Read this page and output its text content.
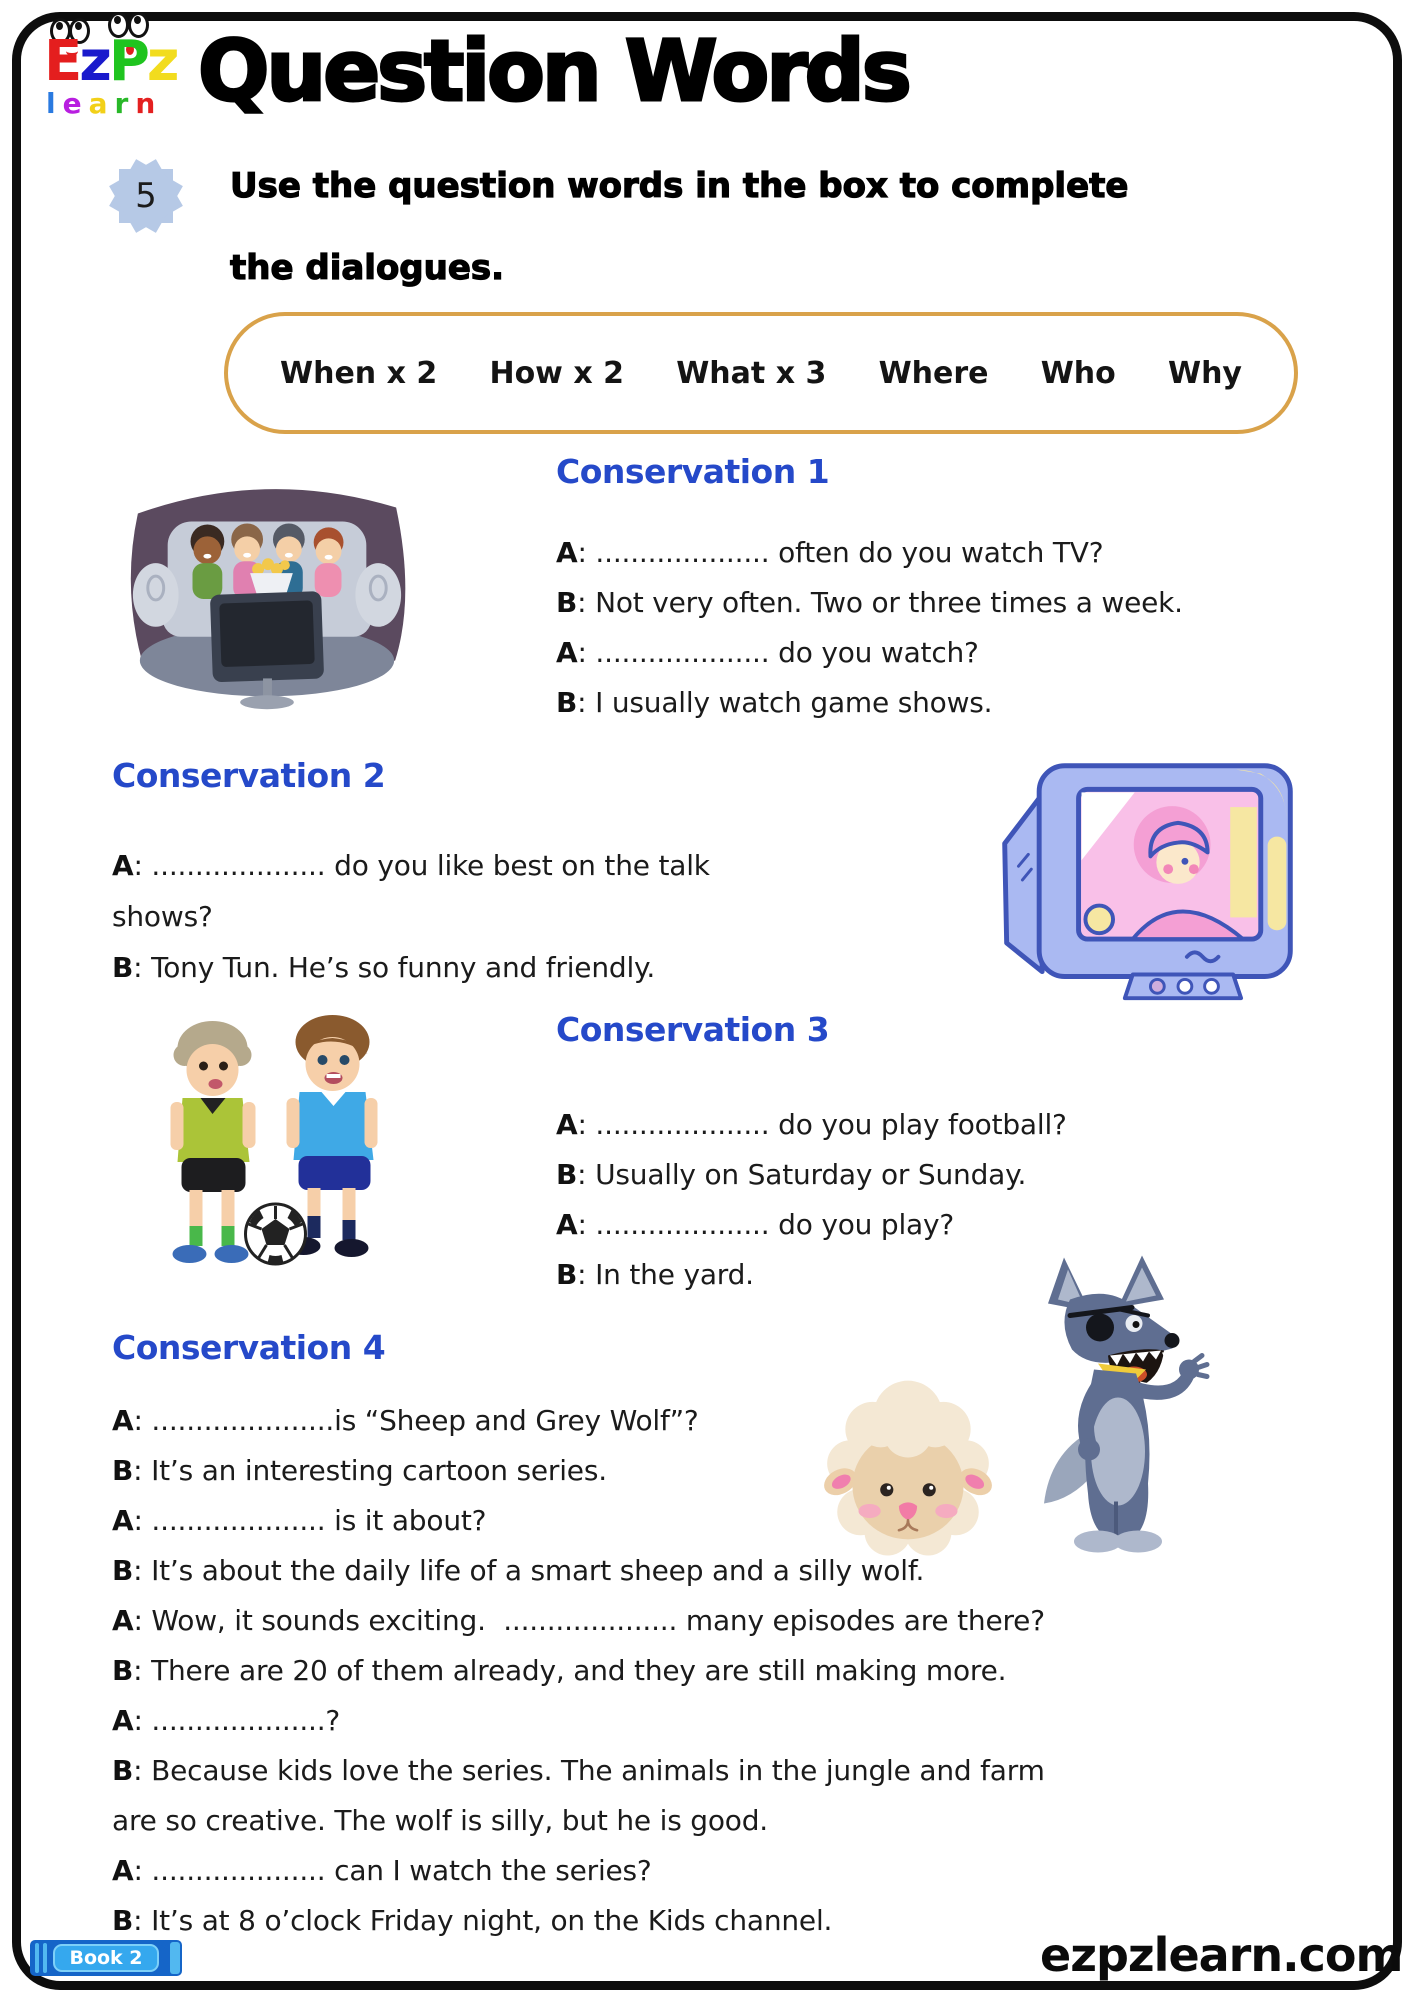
EzPz
learn Question Words
5	Use the question words in the box to complete
the dialogues.
When x 2 How x 2 What x 3 Where Who Why
Conservation 1
A: .................... often do you watch TV?
B: Not very often. Two or three times a week.
A: .................... do you watch?
B: I usually watch game shows.
Conservation 2
A: .................... do you like best on the talk
shows?
B: Tony Tun. He’s so funny and friendly.
Conservation 3
A: .................... do you play football?
B: Usually on Saturday or Sunday.
A: .................... do you play?
B: In the yard.
Conservation 4
A: .....................is “Sheep and Grey Wolf”?
B: It’s an interesting cartoon series.
A: .................... is it about?
B: It’s about the daily life of a smart sheep and a silly wolf.
A: Wow, it sounds exciting.  .................... many episodes are there?
B: There are 20 of them already, and they are still making more.
A: ....................?
B: Because kids love the series. The animals in the jungle and farm
are so creative. The wolf is silly, but he is good.
A: .................... can I watch the series?
B: It’s at 8 o’clock Friday night, on the Kids channel.
Book 2	ezpzlearn.com
